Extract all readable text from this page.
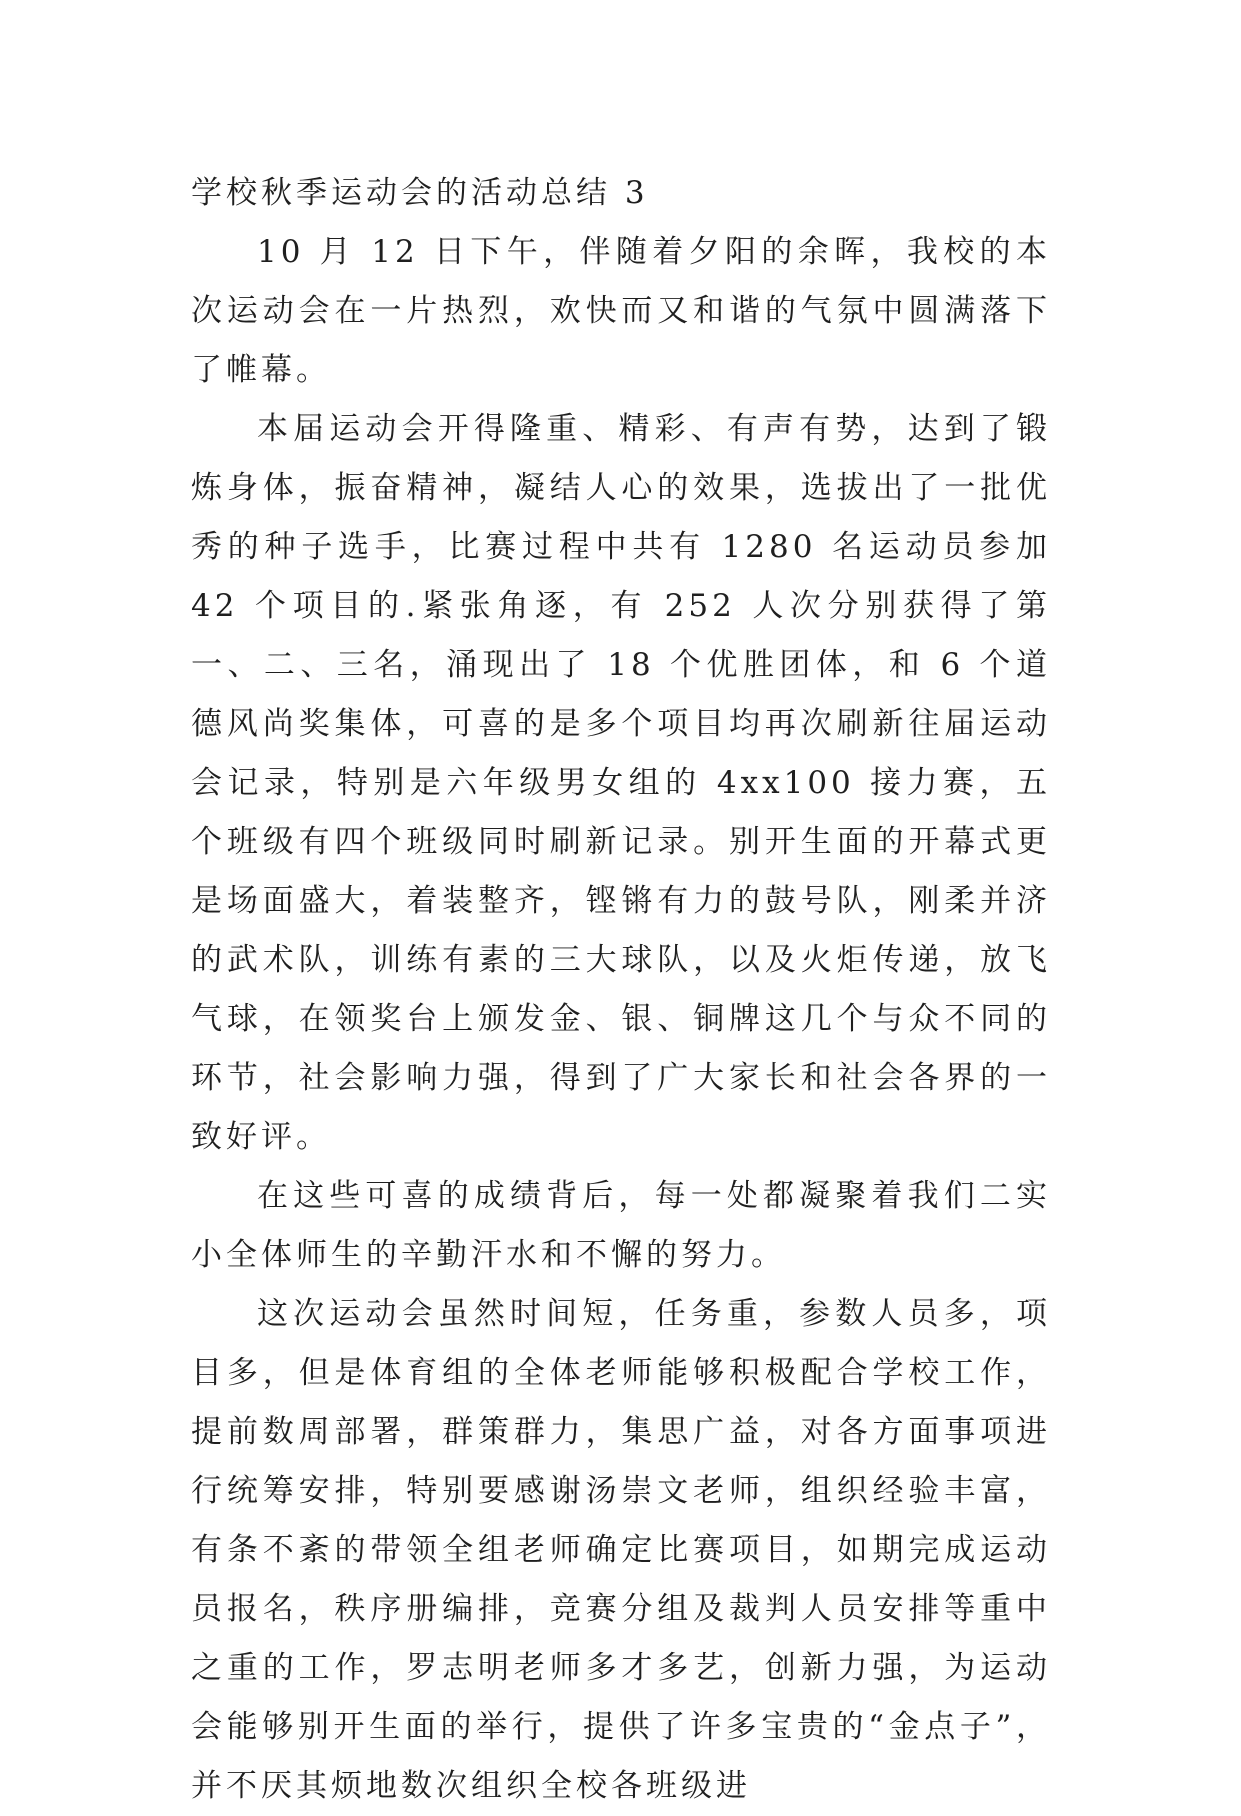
学校秋季运动会的活动总结 3

10 月 12 日下午，伴随着夕阳的余晖，我校的本次运动会在一片热烈，欢快而又和谐的气氛中圆满落下了帷幕。

本届运动会开得隆重、精彩、有声有势，达到了锻炼身体，振奋精神，凝结人心的效果，选拔出了一批优秀的种子选手，比赛过程中共有 1280 名运动员参加 42 个项目的.紧张角逐，有 252 人次分别获得了第一、二、三名，涌现出了 18 个优胜团体，和 6 个道德风尚奖集体，可喜的是多个项目均再次刷新往届运动会记录，特别是六年级男女组的 4xx100 接力赛，五个班级有四个班级同时刷新记录。别开生面的开幕式更是场面盛大，着装整齐，铿锵有力的鼓号队，刚柔并济的武术队，训练有素的三大球队，以及火炬传递，放飞气球，在领奖台上颁发金、银、铜牌这几个与众不同的环节，社会影响力强，得到了广大家长和社会各界的一致好评。

在这些可喜的成绩背后，每一处都凝聚着我们二实小全体师生的辛勤汗水和不懈的努力。

这次运动会虽然时间短，任务重，参数人员多，项目多，但是体育组的全体老师能够积极配合学校工作，提前数周部署，群策群力，集思广益，对各方面事项进行统筹安排，特别要感谢汤崇文老师，组织经验丰富，有条不紊的带领全组老师确定比赛项目，如期完成运动员报名，秩序册编排，竞赛分组及裁判人员安排等重中之重的工作，罗志明老师多才多艺，创新力强，为运动会能够别开生面的举行，提供了许多宝贵的“金点子”，并不厌其烦地数次组织全校各班级进
